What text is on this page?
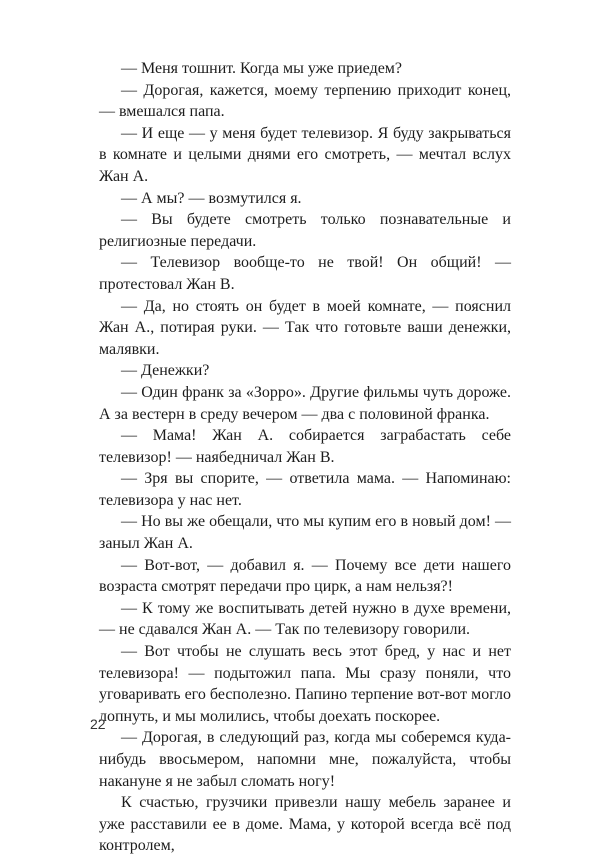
— Меня тошнит. Когда мы уже приедем?

— Дорогая, кажется, моему терпению приходит конец, — вмешался папа.

— И еще — у меня будет телевизор. Я буду закрываться в комнате и целыми днями его смотреть, — мечтал вслух Жан А.

— А мы? — возмутился я.

— Вы будете смотреть только познавательные и религиозные передачи.

— Телевизор вообще-то не твой! Он общий! — протестовал Жан В.

— Да, но стоять он будет в моей комнате, — пояснил Жан А., потирая руки. — Так что готовьте ваши денежки, малявки.

— Денежки?

— Один франк за «Зорро». Другие фильмы чуть дороже. А за вестерн в среду вечером — два с половиной франка.

— Мама! Жан А. собирается заграбастать себе телевизор! — наябедничал Жан В.

— Зря вы спорите, — ответила мама. — Напоминаю: телевизора у нас нет.

— Но вы же обещали, что мы купим его в новый дом! — заныл Жан А.

— Вот-вот, — добавил я. — Почему все дети нашего возраста смотрят передачи про цирк, а нам нельзя?!

— К тому же воспитывать детей нужно в духе времени, — не сдавался Жан А. — Так по телевизору говорили.

— Вот чтобы не слушать весь этот бред, у нас и нет телевизора! — подытожил папа. Мы сразу поняли, что уговаривать его бесполезно. Папино терпение вот-вот могло лопнуть, и мы молились, чтобы доехать поскорее.

— Дорогая, в следующий раз, когда мы соберемся куда-нибудь ввосьмером, напомни мне, пожалуйста, чтобы накануне я не забыл сломать ногу!

К счастью, грузчики привезли нашу мебель заранее и уже расставили ее в доме. Мама, у которой всегда всё под контролем,

22
